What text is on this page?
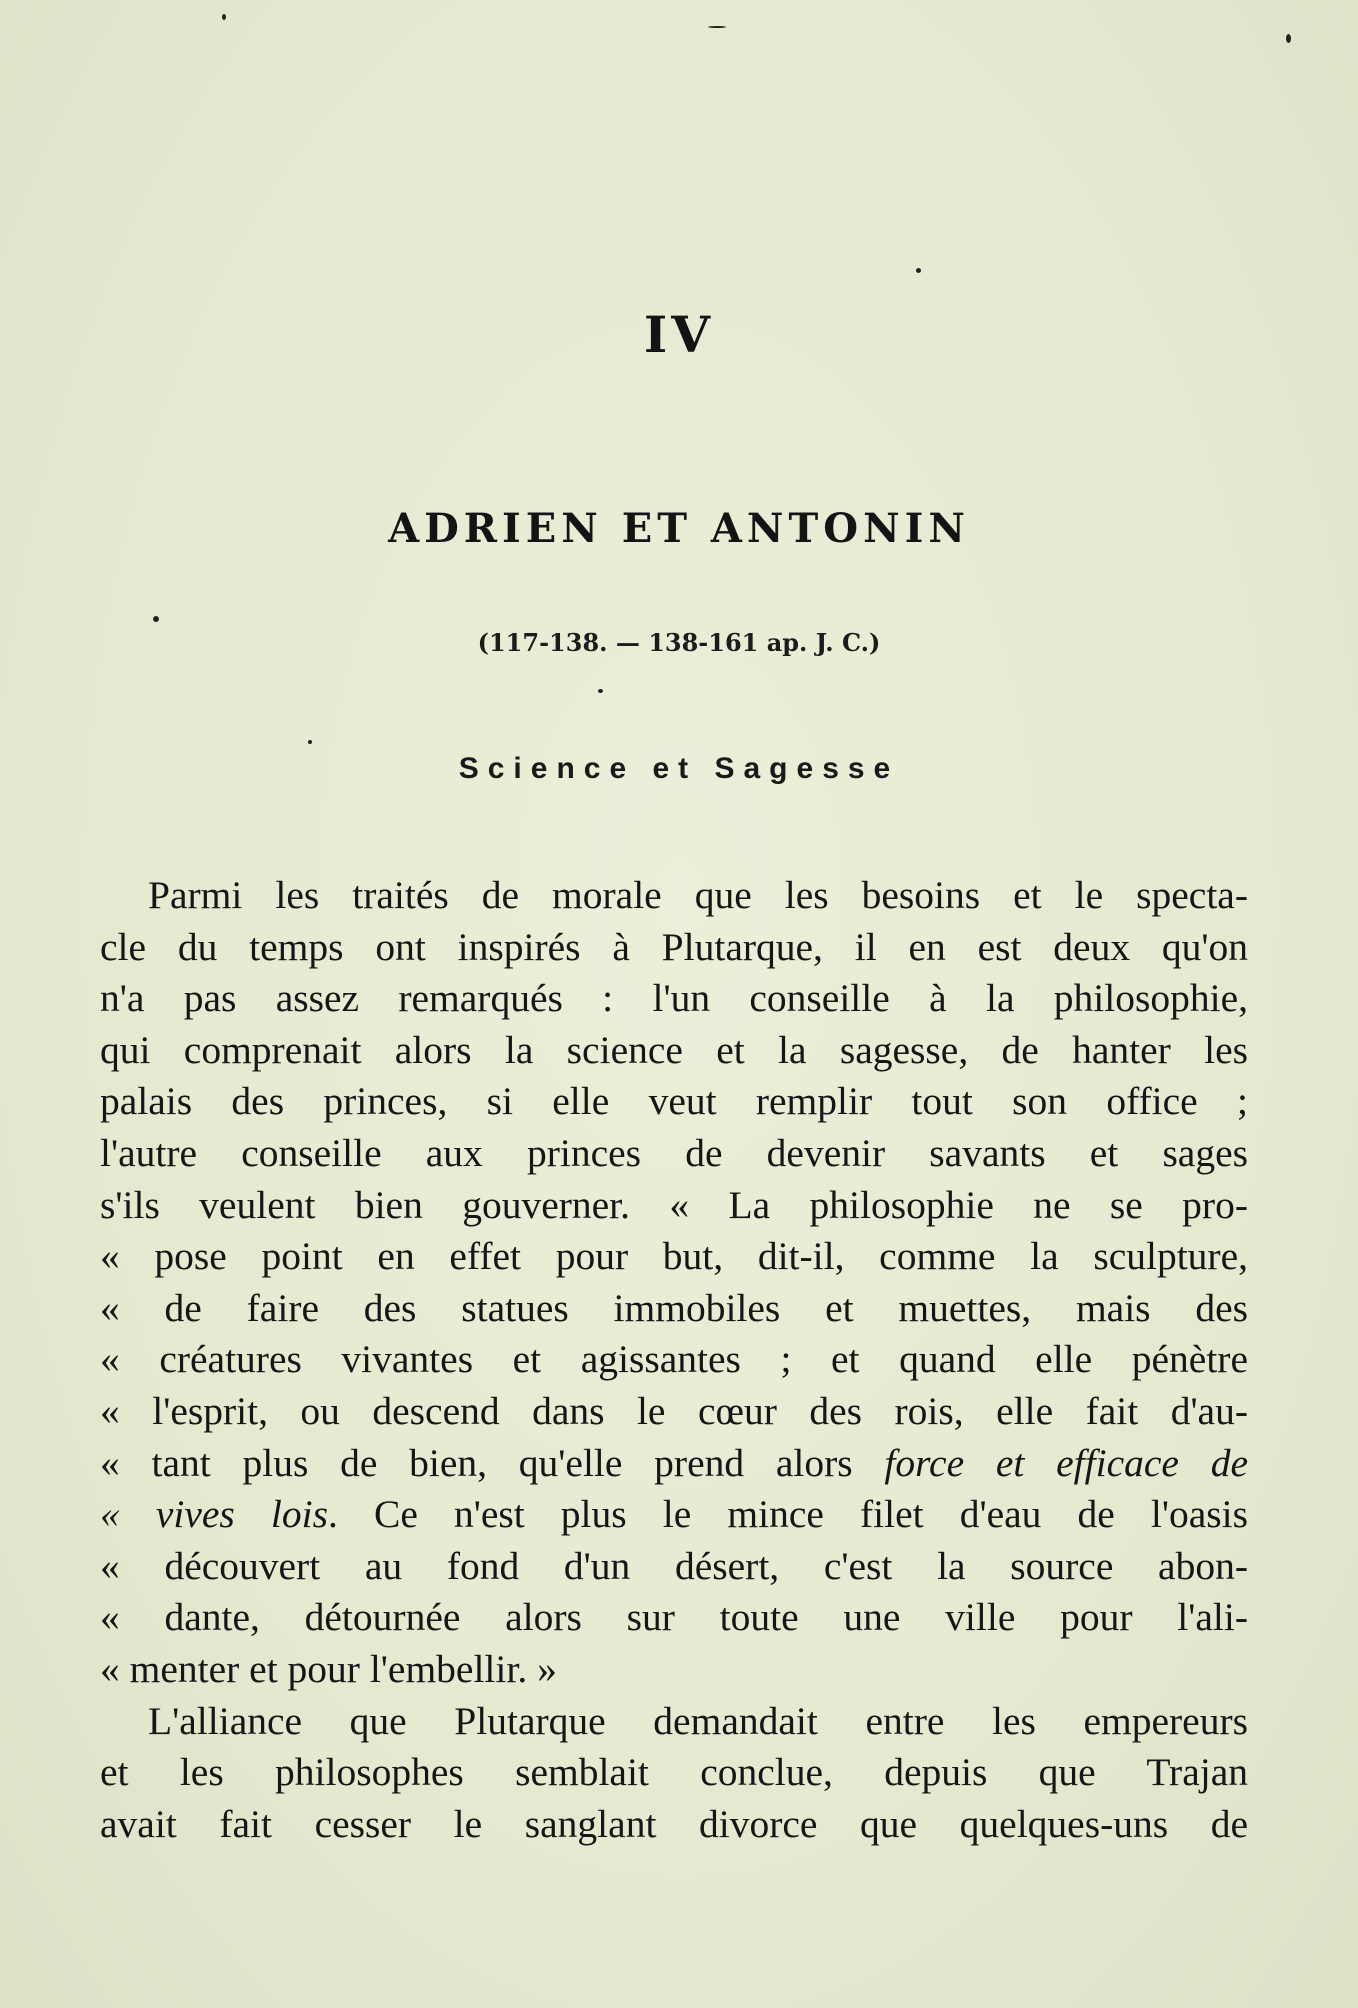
IV
ADRIEN ET ANTONIN
(117-138. — 138-161 ap. J. C.)
Science et Sagesse
Parmi les traités de morale que les besoins et le specta-
cle du temps ont inspirés à Plutarque, il en est deux qu'on
n'a pas assez remarqués : l'un conseille à la philosophie,
qui comprenait alors la science et la sagesse, de hanter les
palais des princes, si elle veut remplir tout son office ;
l'autre conseille aux princes de devenir savants et sages
s'ils veulent bien gouverner. « La philosophie ne se pro-
« pose point en effet pour but, dit-il, comme la sculpture,
« de faire des statues immobiles et muettes, mais des
« créatures vivantes et agissantes ; et quand elle pénètre
« l'esprit, ou descend dans le cœur des rois, elle fait d'au-
« tant plus de bien, qu'elle prend alors force et efficace de
« vives lois. Ce n'est plus le mince filet d'eau de l'oasis
« découvert au fond d'un désert, c'est la source abon-
« dante, détournée alors sur toute une ville pour l'ali-
« menter et pour l'embellir. »
L'alliance que Plutarque demandait entre les empereurs
et les philosophes semblait conclue, depuis que Trajan
avait fait cesser le sanglant divorce que quelques-uns de
